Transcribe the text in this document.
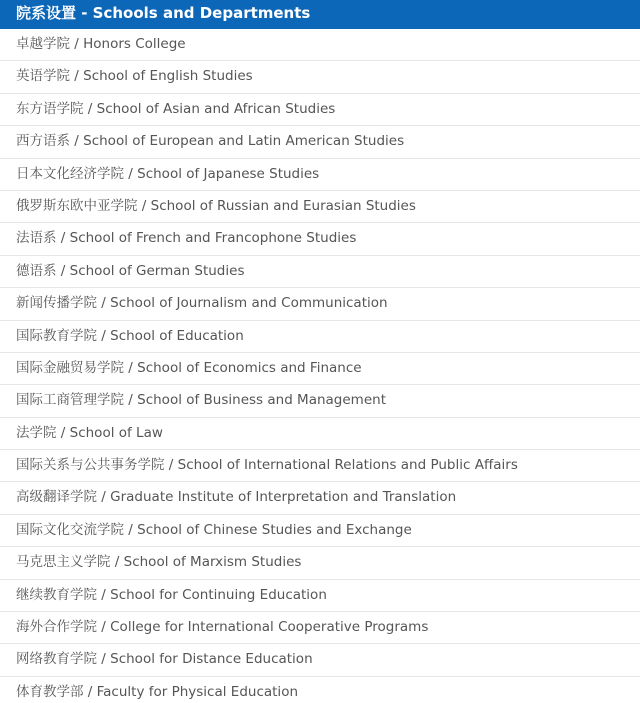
院系设置 - Schools and Departments
卓越学院 / Honors College
英语学院 / School of English Studies
东方语学院 / School of Asian and African Studies
西方语系 / School of European and Latin American Studies
日本文化经济学院 / School of Japanese Studies
俄罗斯东欧中亚学院 / School of Russian and Eurasian Studies
法语系 / School of French and Francophone Studies
德语系 / School of German Studies
新闻传播学院 / School of Journalism and Communication
国际教育学院 / School of Education
国际金融贸易学院 / School of Economics and Finance
国际工商管理学院 / School of Business and Management
法学院 / School of Law
国际关系与公共事务学院 / School of International Relations and Public Affairs
高级翻译学院 / Graduate Institute of Interpretation and Translation
国际文化交流学院 / School of Chinese Studies and Exchange
马克思主义学院 / School of Marxism Studies
继续教育学院 / School for Continuing Education
海外合作学院 / College for International Cooperative Programs
网络教育学院 / School for Distance Education
体育教学部 / Faculty for Physical Education
